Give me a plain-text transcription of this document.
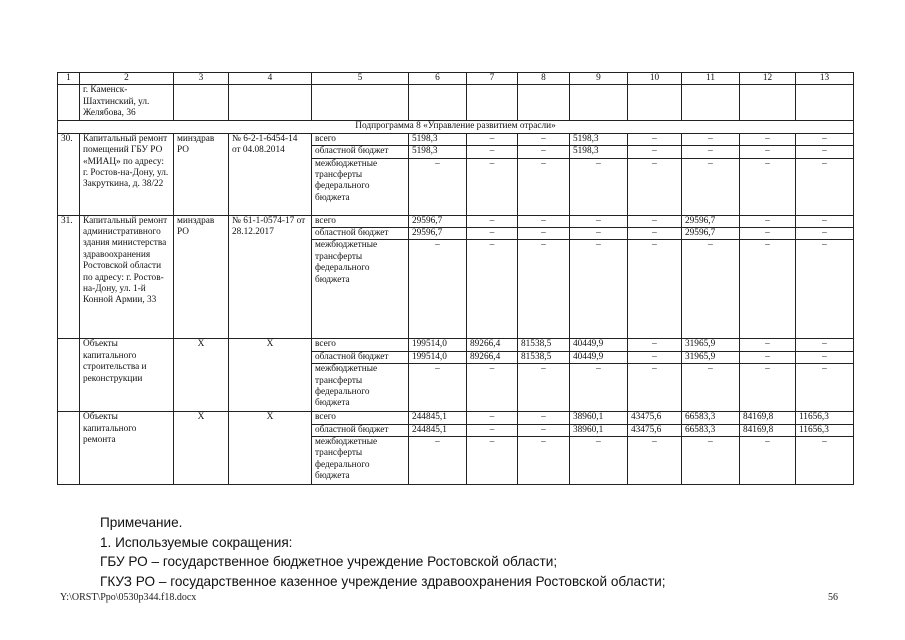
1	2	3	4	5	6	7	8	9	10	11	12	13
	г. Каменск-Шахтинский, ул. Желябова, 36											
Подпрограмма 8 «Управление развитием отрасли»												
30.	Капитальный ремонт помещений ГБУ РО «МИАЦ» по адресу: г. Ростов-на-Дону, ул. Закруткина, д. 38/22	минздрав РО	№ 6-2-1-6454-14 от 04.08.2014	всего	5198,3	–	–	5198,3	–	–	–	–
				областной бюджет	5198,3	–	–	5198,3	–	–	–	–
				межбюджетные трансферты федерального бюджета	–	–	–	–	–	–	–	–
31.	Капитальный ремонт административного здания министерства здравоохранения Ростовской области по адресу: г. Ростов-на-Дону, ул. 1-й Конной Армии, 33	минздрав РО	№ 61-1-0574-17 от 28.12.2017	всего	29596,7	–	–	–	–	29596,7	–	–
				областной бюджет	29596,7	–	–	–	–	29596,7	–	–
				межбюджетные трансферты федерального бюджета	–	–	–	–	–	–	–	–
	Объекты капитального строительства и реконструкции	Х	Х	всего	199514,0	89266,4	81538,5	40449,9	–	31965,9	–	–
				областной бюджет	199514,0	89266,4	81538,5	40449,9	–	31965,9	–	–
				межбюджетные трансферты федерального бюджета	–	–	–	–	–	–	–	–
	Объекты капитального ремонта	Х	Х	всего	244845,1	–	–	38960,1	43475,6	66583,3	84169,8	11656,3
				областной бюджет	244845,1	–	–	38960,1	43475,6	66583,3	84169,8	11656,3
				межбюджетные трансферты федерального бюджета	–	–	–	–	–	–	–	–
Примечание.
1. Используемые сокращения:
ГБУ РО – государственное бюджетное учреждение Ростовской области;
ГКУЗ РО – государственное казенное учреждение здравоохранения Ростовской области;
Y:\ORST\Ppo\0530p344.f18.docx	56
